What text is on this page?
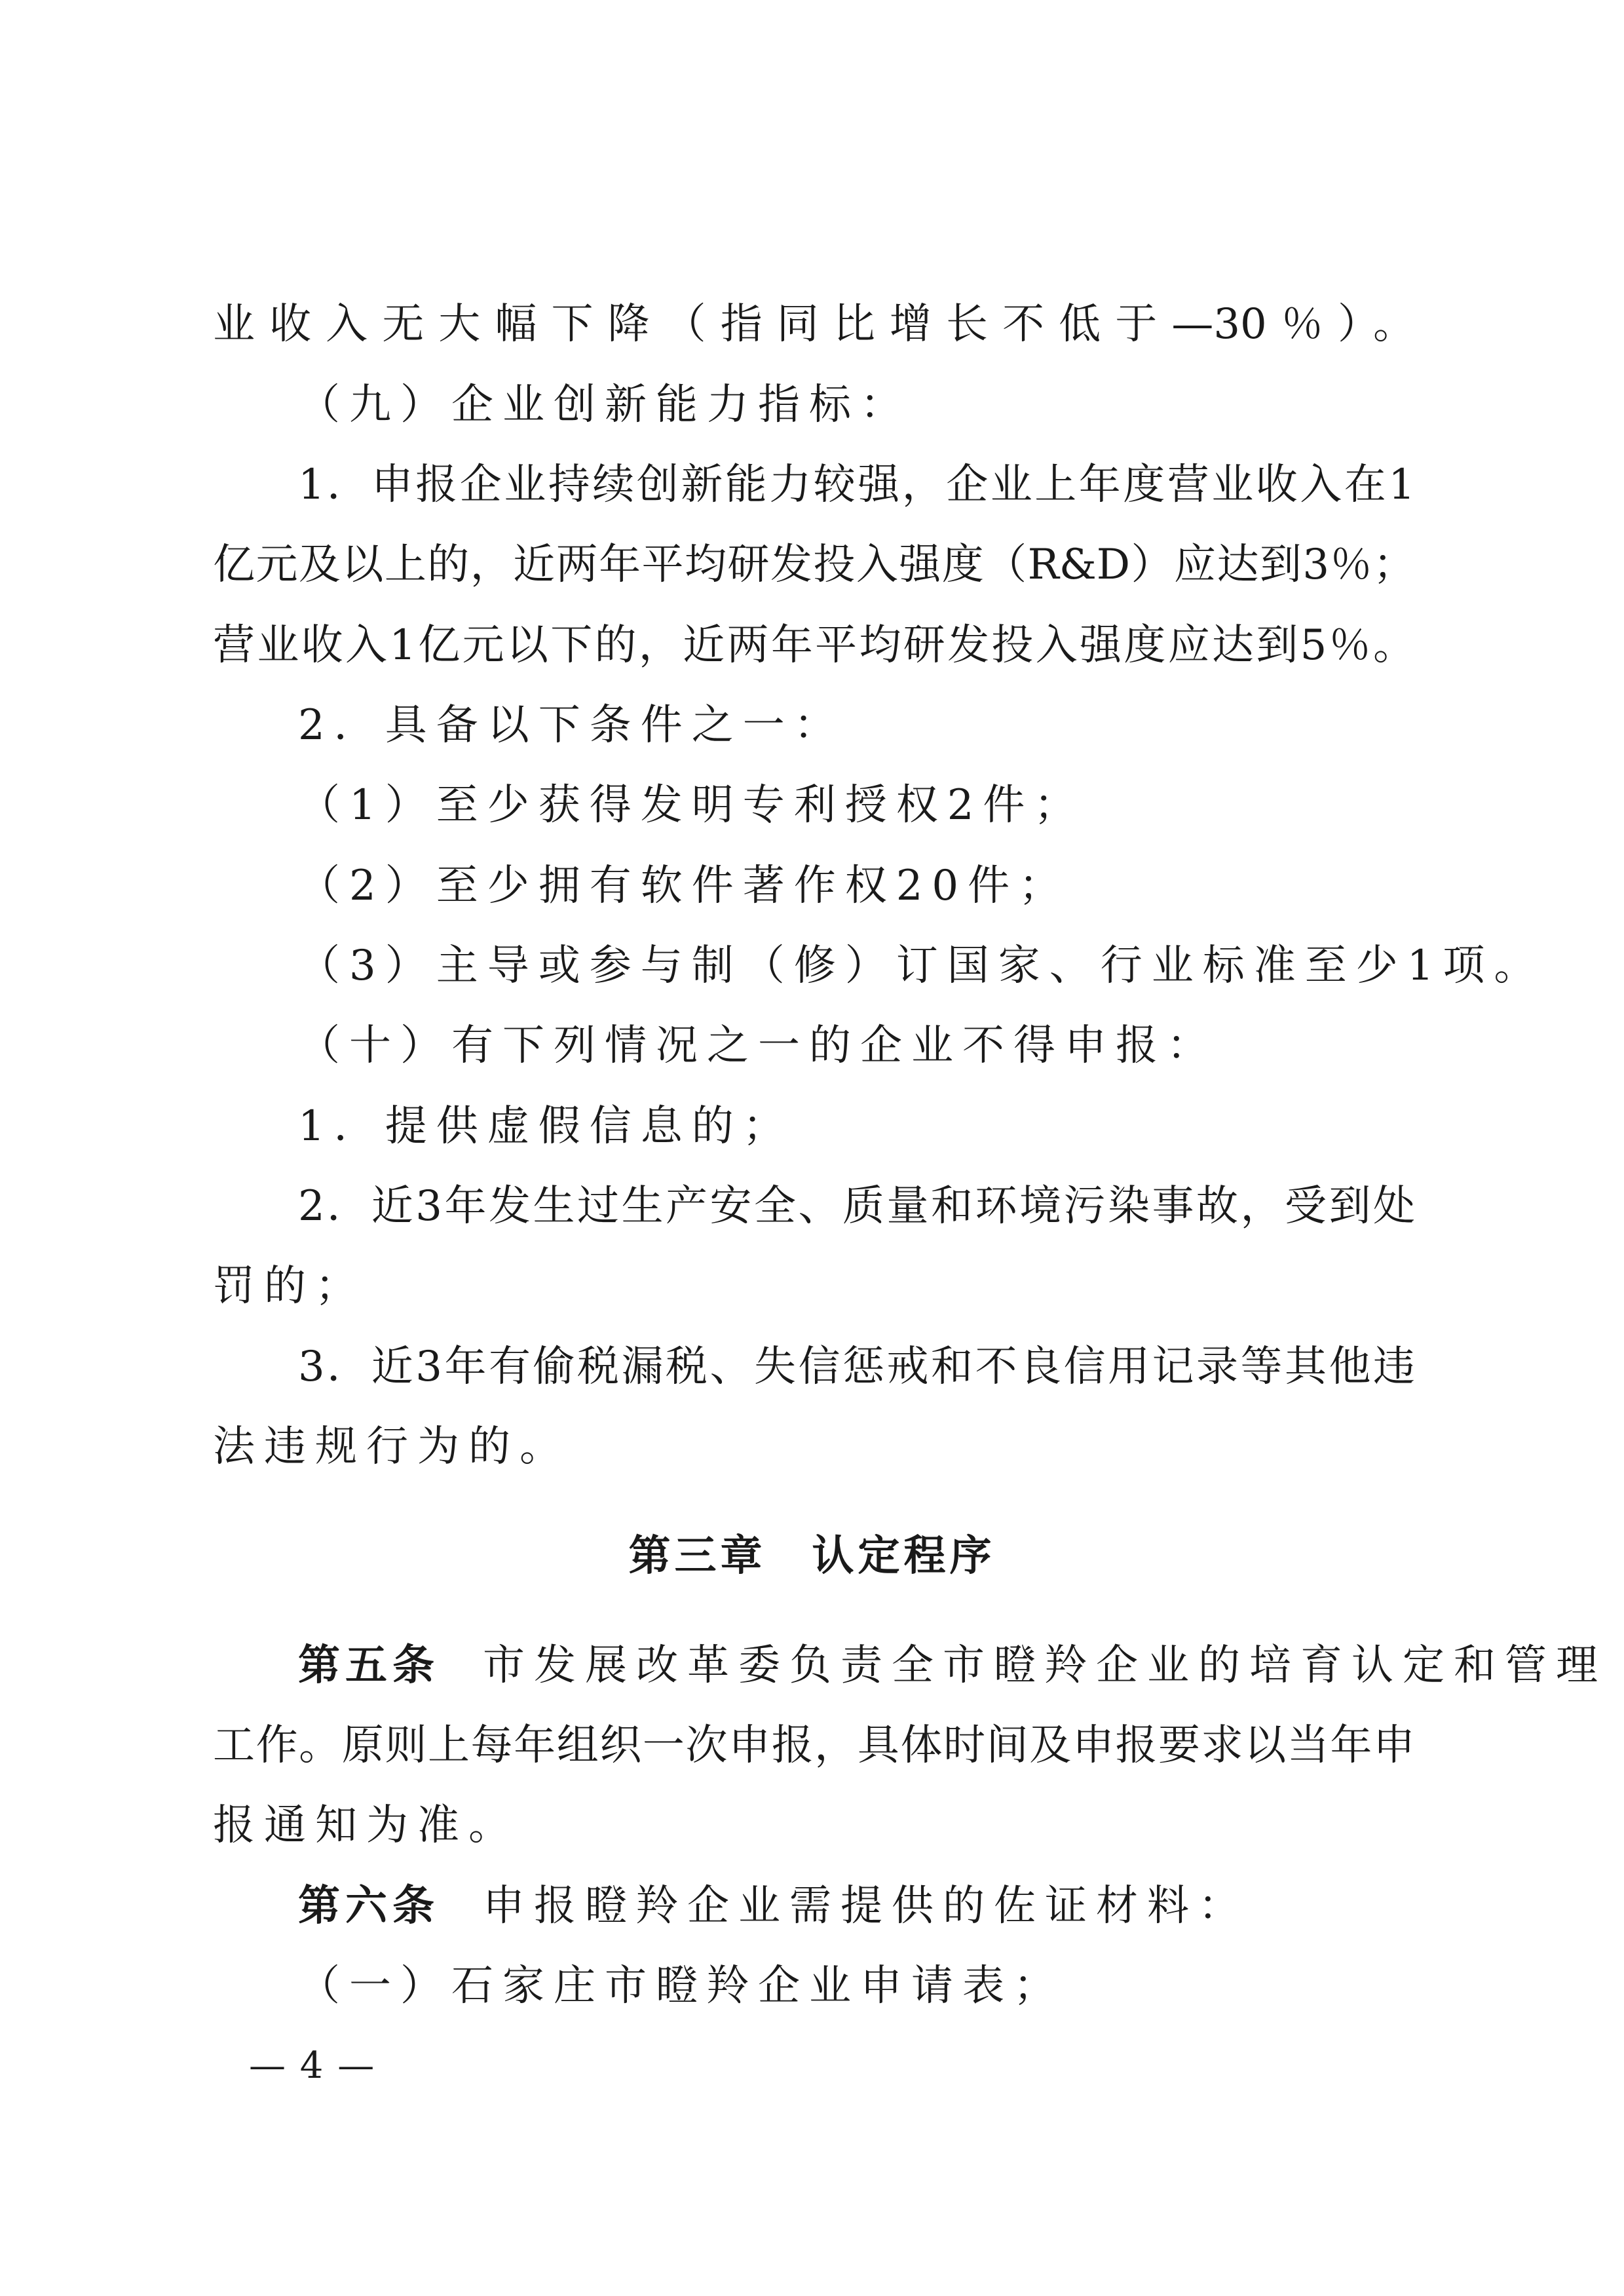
业收入无大幅下降（指同比增长不低于—30％）。
（九）企业创新能力指标：
1．申报企业持续创新能力较强，企业上年度营业收入在1
亿元及以上的，近两年平均研发投入强度（R&D）应达到3％；
营业收入1亿元以下的，近两年平均研发投入强度应达到5％。
2．具备以下条件之一：
（1）至少获得发明专利授权2件；
（2）至少拥有软件著作权20件；
（3）主导或参与制（修）订国家、行业标准至少1项。
（十）有下列情况之一的企业不得申报：
1．提供虚假信息的；
2．近3年发生过生产安全、质量和环境污染事故，受到处
罚的；
3．近3年有偷税漏税、失信惩戒和不良信用记录等其他违
法违规行为的。
第三章　认定程序
第五条 市发展改革委负责全市瞪羚企业的培育认定和管理
工作。原则上每年组织一次申报，具体时间及申报要求以当年申
报通知为准。
第六条 申报瞪羚企业需提供的佐证材料：
（一）石家庄市瞪羚企业申请表；
— 4 —
